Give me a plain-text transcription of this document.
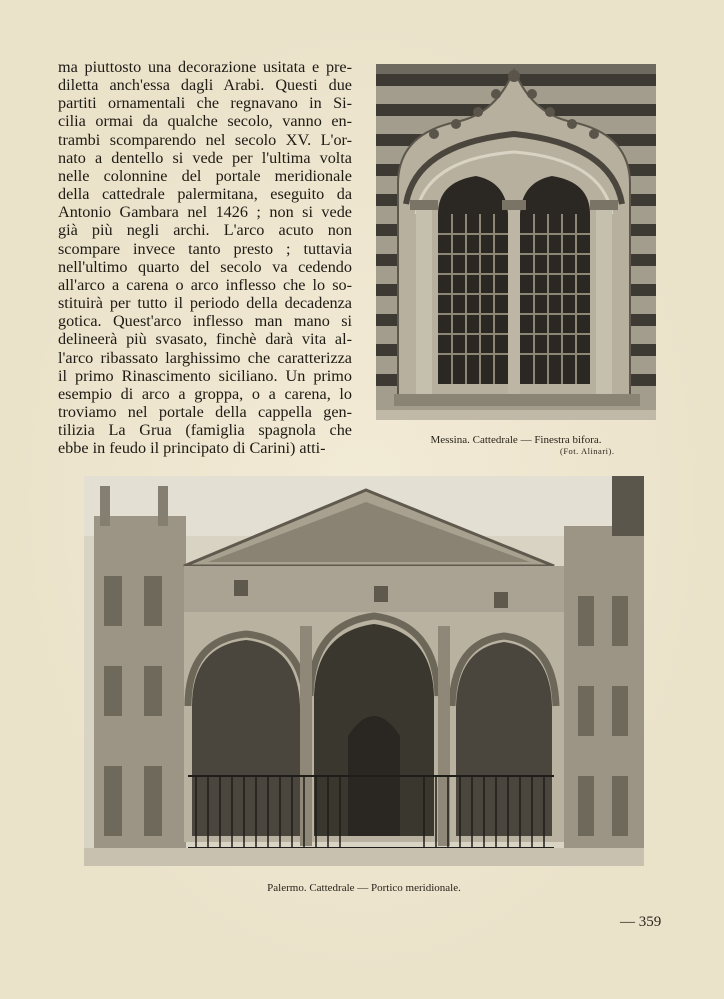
ma piuttosto una decorazione usitata e pre-
diletta anch'essa dagli Arabi. Questi due
partiti ornamentali che regnavano in Si-
cilia ormai da qualche secolo, vanno en-
trambi scomparendo nel secolo XV. L'or-
nato a dentello si vede per l'ultima volta
nelle colonnine del portale meridionale
della cattedrale palermitana, eseguito da
Antonio Gambara nel 1426 ; non si vede
già più negli archi. L'arco acuto non
scompare invece tanto presto ; tuttavia
nell'ultimo quarto del secolo va cedendo
all'arco a carena o arco inflesso che lo so-
stituirà per tutto il periodo della decadenza
gotica. Quest'arco inflesso man mano si
delineerà più svasato, finchè darà vita al-
l'arco ribassato larghissimo che caratterizza
il primo Rinascimento siciliano. Un primo
esempio di arco a groppa, o a carena, lo
troviamo nel portale della cappella gen-
tilizia La Grua (famiglia spagnola che
ebbe in feudo il principato di Carini) atti-	Messina. Cattedrale — Finestra bifora.
(Fot. Alinari).
Palermo. Cattedrale — Portico meridionale.
— 359
